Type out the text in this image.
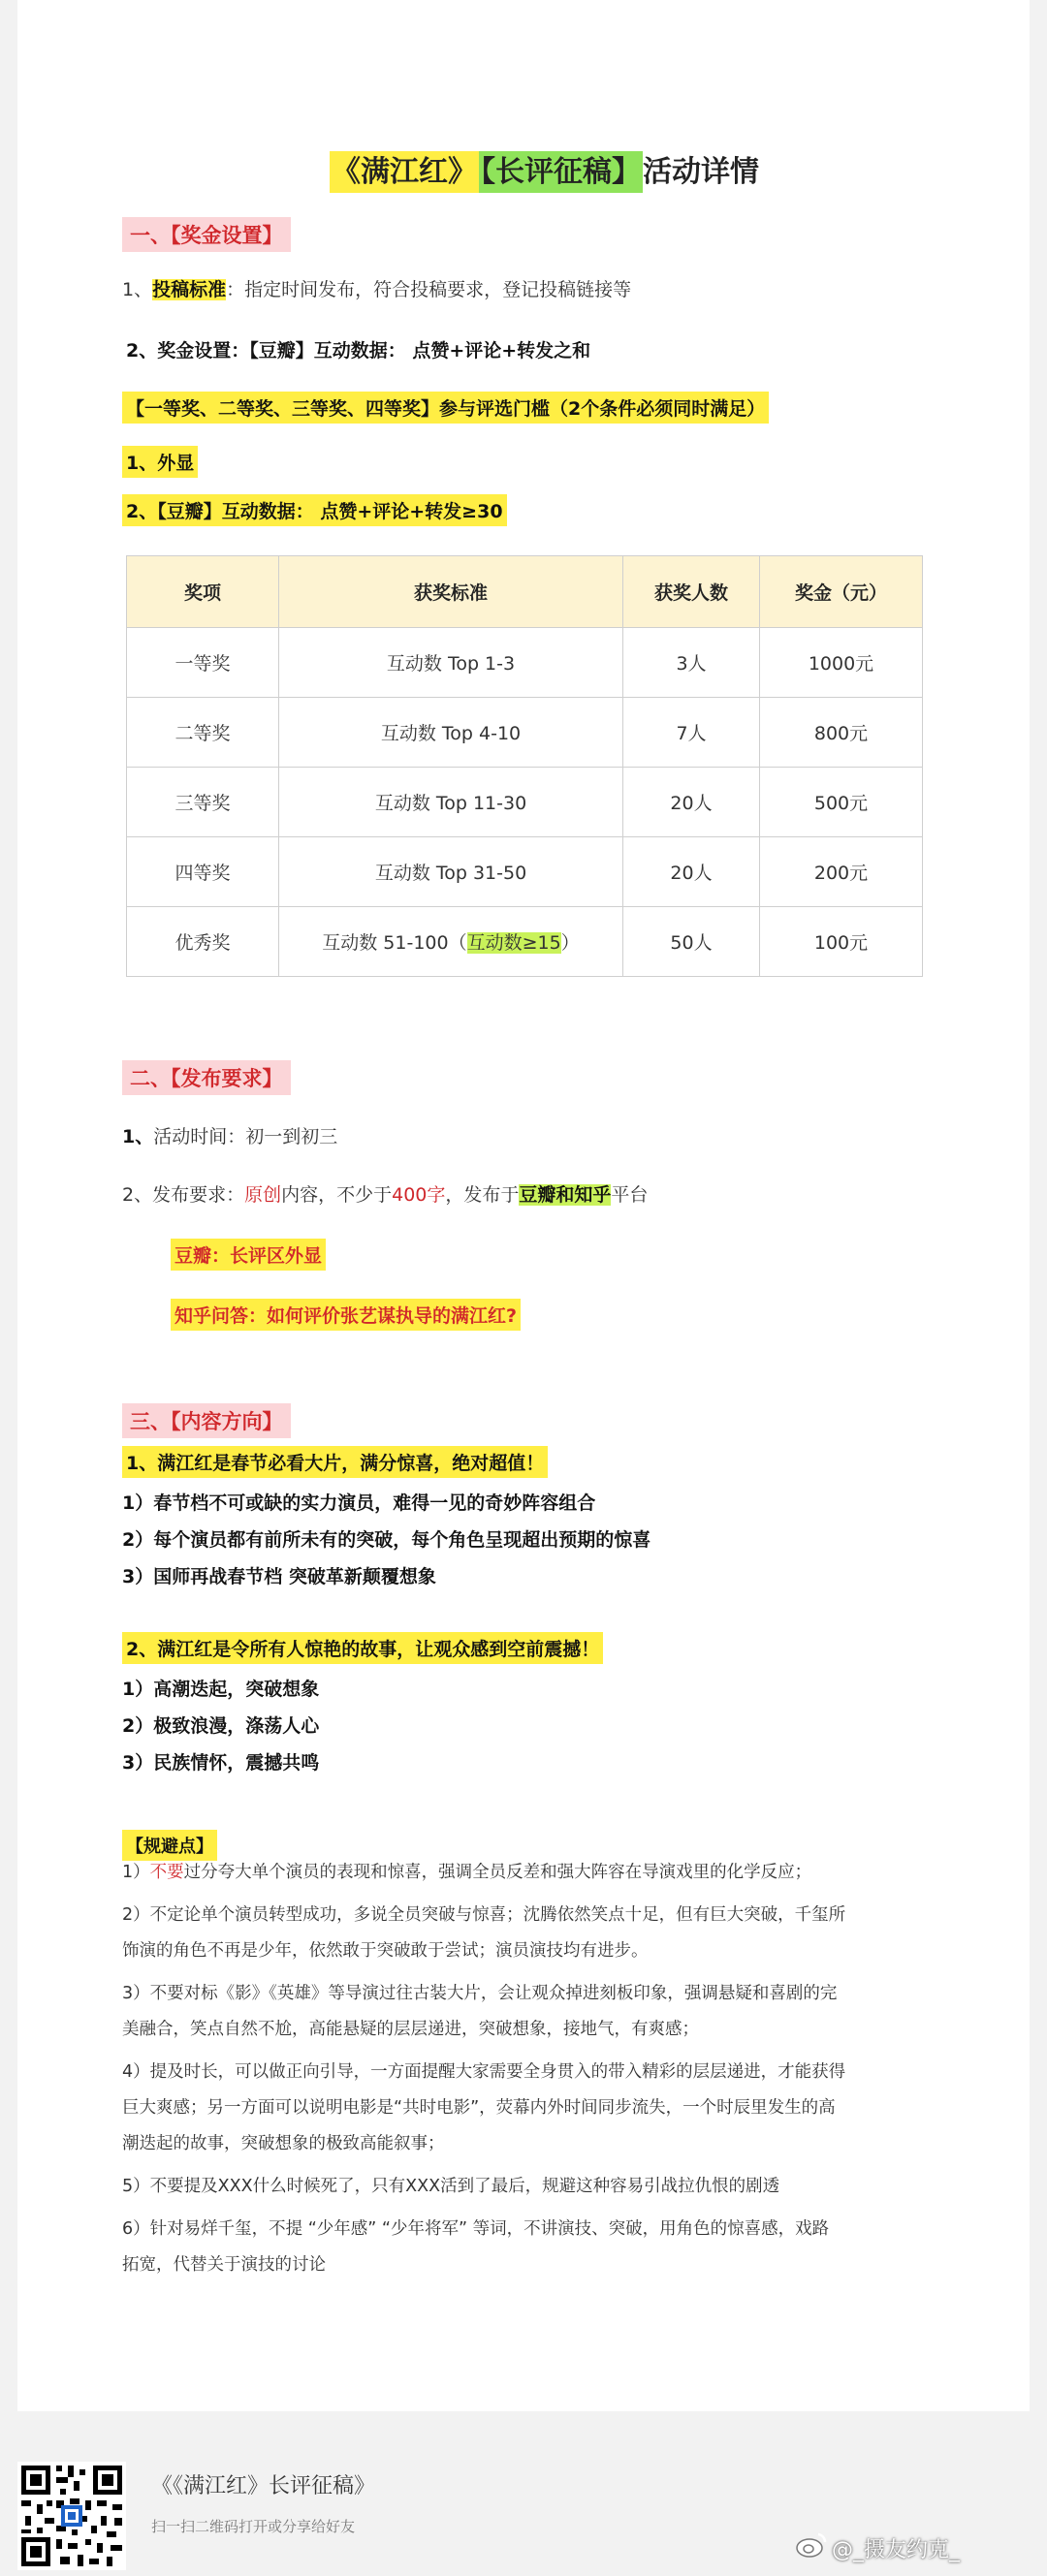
《满江红》 【长评征稿】活动详情
一、【奖金设置】
1、投稿标准：指定时间发布，符合投稿要求，登记投稿链接等
2、奖金设置：【豆瓣】互动数据： 点赞+评论+转发之和
【一等奖、二等奖、三等奖、四等奖】参与评选门槛（2个条件必须同时满足）
1、外显
2、【豆瓣】互动数据： 点赞+评论+转发≥30
奖项	获奖标准	获奖人数	奖金（元）
一等奖	互动数 Top 1-3	3人	1000元
二等奖	互动数 Top 4-10	7人	800元
三等奖	互动数 Top 11-30	20人	500元
四等奖	互动数 Top 31-50	20人	200元
优秀奖	互动数 51-100（互动数≥15）	50人	100元
二、【发布要求】
1、活动时间：初一到初三
2、发布要求：原创内容，不少于400字，发布于豆瓣和知乎平台
豆瓣：长评区外显
知乎问答：如何评价张艺谋执导的满江红?
三、【内容方向】
1、满江红是春节必看大片，满分惊喜，绝对超值！
1）春节档不可或缺的实力演员，难得一见的奇妙阵容组合
2）每个演员都有前所未有的突破，每个角色呈现超出预期的惊喜
3）国师再战春节档 突破革新颠覆想象
2、满江红是令所有人惊艳的故事，让观众感到空前震撼！
1）高潮迭起，突破想象
2）极致浪漫，涤荡人心
3）民族情怀，震撼共鸣
【规避点】
1）不要过分夸大单个演员的表现和惊喜，强调全员反差和强大阵容在导演戏里的化学反应；
2）不定论单个演员转型成功，多说全员突破与惊喜；沈腾依然笑点十足，但有巨大突破，千玺所
饰演的角色不再是少年，依然敢于突破敢于尝试；演员演技均有进步。
3）不要对标《影》《英雄》等导演过往古装大片，会让观众掉进刻板印象，强调悬疑和喜剧的完
美融合，笑点自然不尬，高能悬疑的层层递进，突破想象，接地气，有爽感；
4）提及时长，可以做正向引导，一方面提醒大家需要全身贯入的带入精彩的层层递进，才能获得
巨大爽感；另一方面可以说明电影是“共时电影”，荧幕内外时间同步流失，一个时辰里发生的高
潮迭起的故事，突破想象的极致高能叙事；
5）不要提及XXX什么时候死了，只有XXX活到了最后，规避这种容易引战拉仇恨的剧透
6）针对易烊千玺，不提 “少年感” “少年将军” 等词，不讲演技、突破，用角色的惊喜感，戏路
拓宽，代替关于演技的讨论
《《满江红》长评征稿》
扫一扫二维码打开或分享给好友
@_摄友约克_
